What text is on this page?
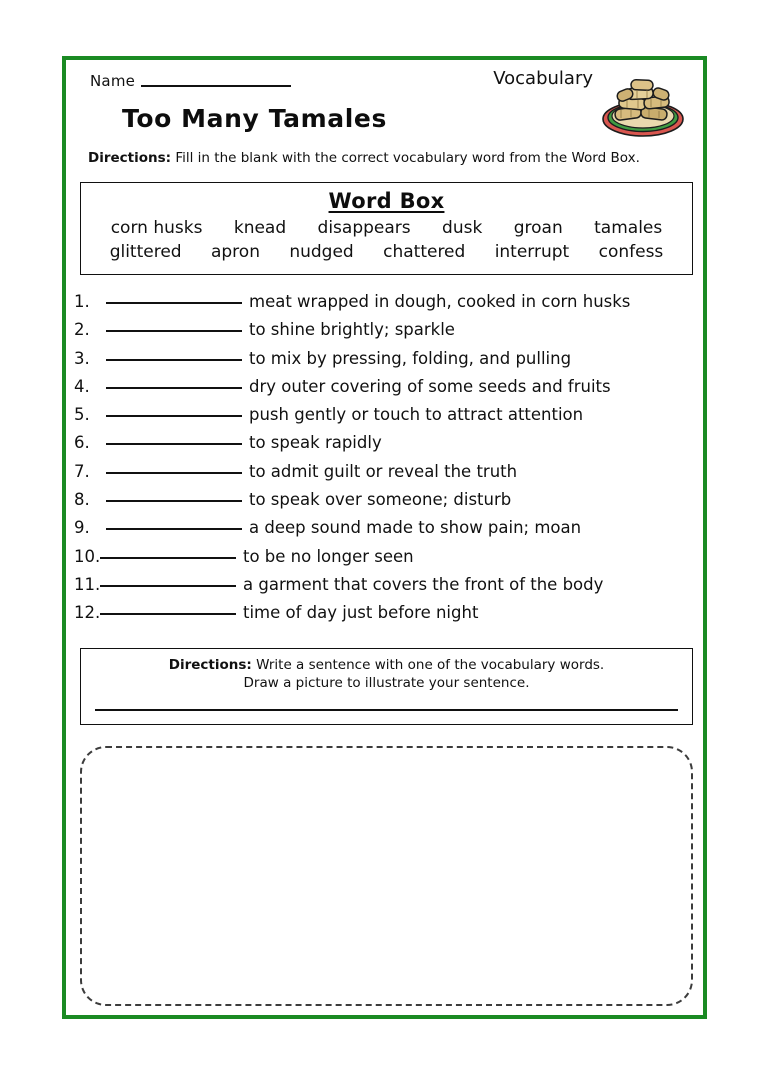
Name
Too Many Tamales
Vocabulary
Directions: Fill in the blank with the correct vocabulary word from the Word Box.
Word Box
corn husks knead disappears dusk groan tamales
glittered apron nudged chattered interrupt confess
1.	meat wrapped in dough, cooked in corn husks
2.	to shine brightly; sparkle
3.	to mix by pressing, folding, and pulling
4.	dry outer covering of some seeds and fruits
5.	push gently or touch to attract attention
6.	to speak rapidly
7.	to admit guilt or reveal the truth
8.	to speak over someone; disturb
9.	a deep sound made to show pain; moan
10.	to be no longer seen
11.	a garment that covers the front of the body
12.	time of day just before night
Directions: Write a sentence with one of the vocabulary words.
Draw a picture to illustrate your sentence.
